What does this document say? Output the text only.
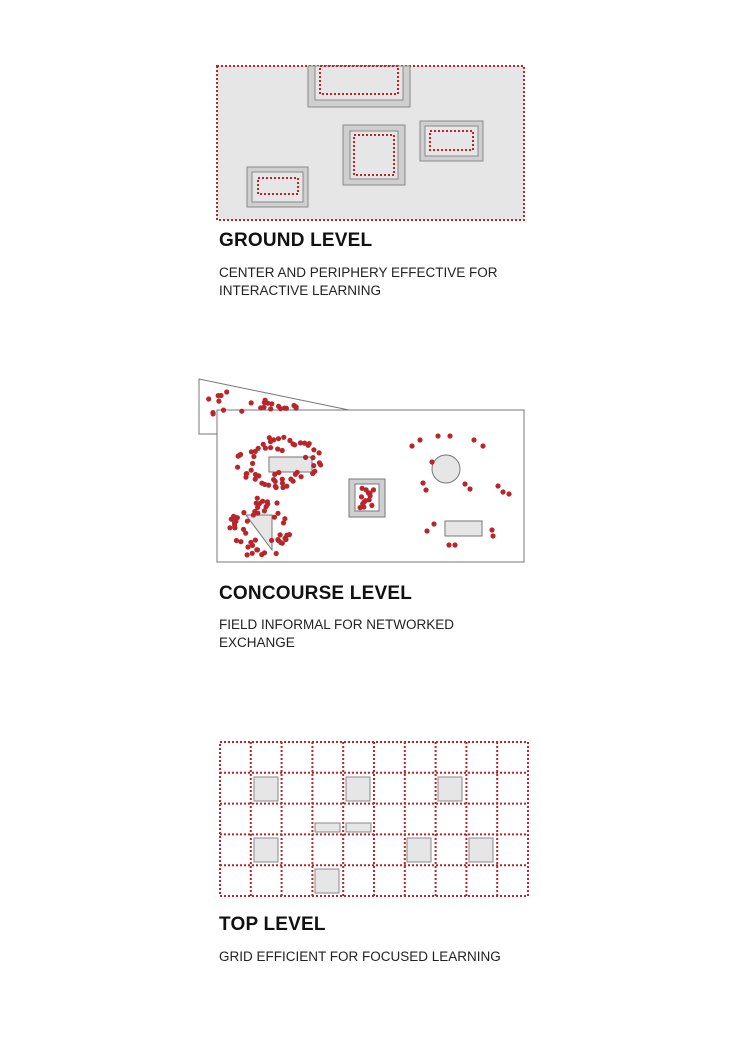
GROUND LEVEL
CENTER AND PERIPHERY EFFECTIVE FOR
INTERACTIVE LEARNING
CONCOURSE LEVEL
FIELD INFORMAL FOR NETWORKED
EXCHANGE
TOP LEVEL
GRID EFFICIENT FOR FOCUSED LEARNING
